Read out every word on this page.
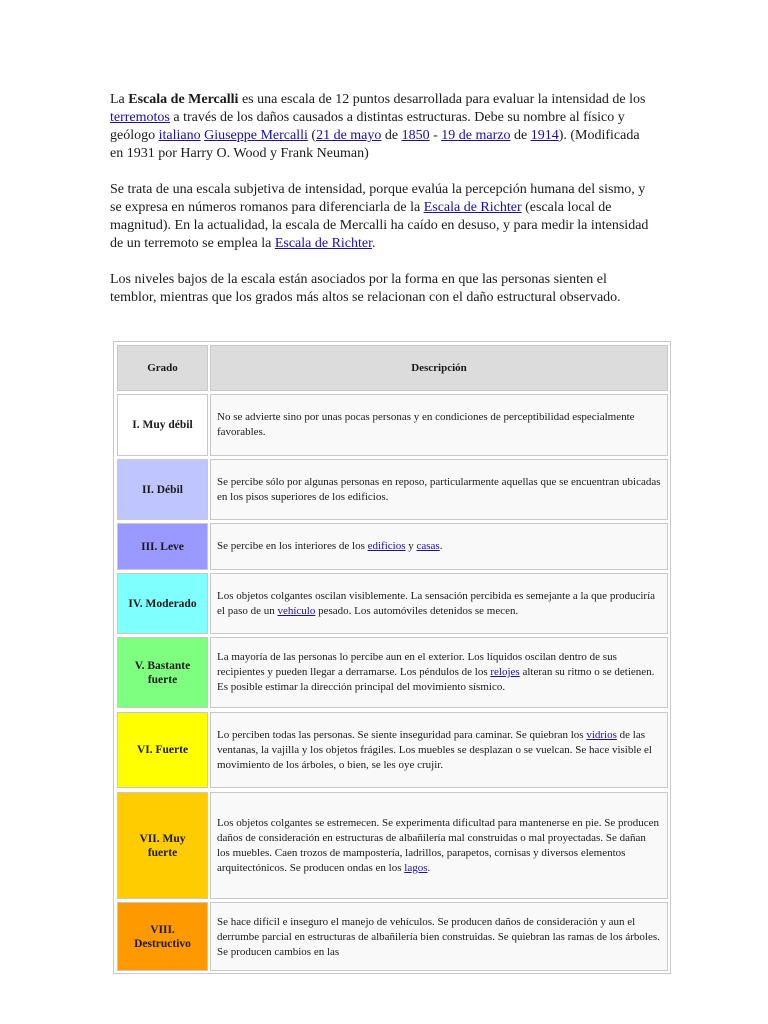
La Escala de Mercalli es una escala de 12 puntos desarrollada para evaluar la intensidad de los terremotos a través de los daños causados a distintas estructuras. Debe su nombre al físico y geólogo italiano Giuseppe Mercalli (21 de mayo de 1850 - 19 de marzo de 1914). (Modificada en 1931 por Harry O. Wood y Frank Neuman)

Se trata de una escala subjetiva de intensidad, porque evalúa la percepción humana del sismo, y se expresa en números romanos para diferenciarla de la Escala de Richter (escala local de magnitud). En la actualidad, la escala de Mercalli ha caído en desuso, y para medir la intensidad de un terremoto se emplea la Escala de Richter.

Los niveles bajos de la escala están asociados por la forma en que las personas sienten el temblor, mientras que los grados más altos se relacionan con el daño estructural observado.

Grado	Descripción
I. Muy débil
No se advierte sino por unas pocas personas y en condiciones de perceptibilidad especialmente favorables.
II. Débil
Se percibe sólo por algunas personas en reposo, particularmente aquellas que se encuentran ubicadas en los pisos superiores de los edificios.
III. Leve	Se percibe en los interiores de los edificios y casas.
IV. Moderado
Los objetos colgantes oscilan visiblemente. La sensación percibida es semejante a la que produciría el paso de un vehículo pesado. Los automóviles detenidos se mecen.
V. Bastante fuerte
La mayoría de las personas lo percibe aun en el exterior. Los líquidos oscilan dentro de sus recipientes y pueden llegar a derramarse. Los péndulos de los relojes alteran su ritmo o se detienen. Es posible estimar la dirección principal del movimiento sísmico.
VI. Fuerte
Lo perciben todas las personas. Se siente inseguridad para caminar. Se quiebran los vidrios de las ventanas, la vajilla y los objetos frágiles. Los muebles se desplazan o se vuelcan. Se hace visible el movimiento de los árboles, o bien, se les oye crujir.
VII. Muy fuerte
Los objetos colgantes se estremecen. Se experimenta dificultad para mantenerse en pie. Se producen daños de consideración en estructuras de albañilería mal construidas o mal proyectadas. Se dañan los muebles. Caen trozos de mampostería, ladrillos, parapetos, cornisas y diversos elementos arquitectónicos. Se producen ondas en los lagos.
VIII. Destructivo
Se hace difícil e inseguro el manejo de vehículos. Se producen daños de consideración y aun el derrumbe parcial en estructuras de albañilería bien construidas. Se quiebran las ramas de los árboles. Se producen cambios en las
